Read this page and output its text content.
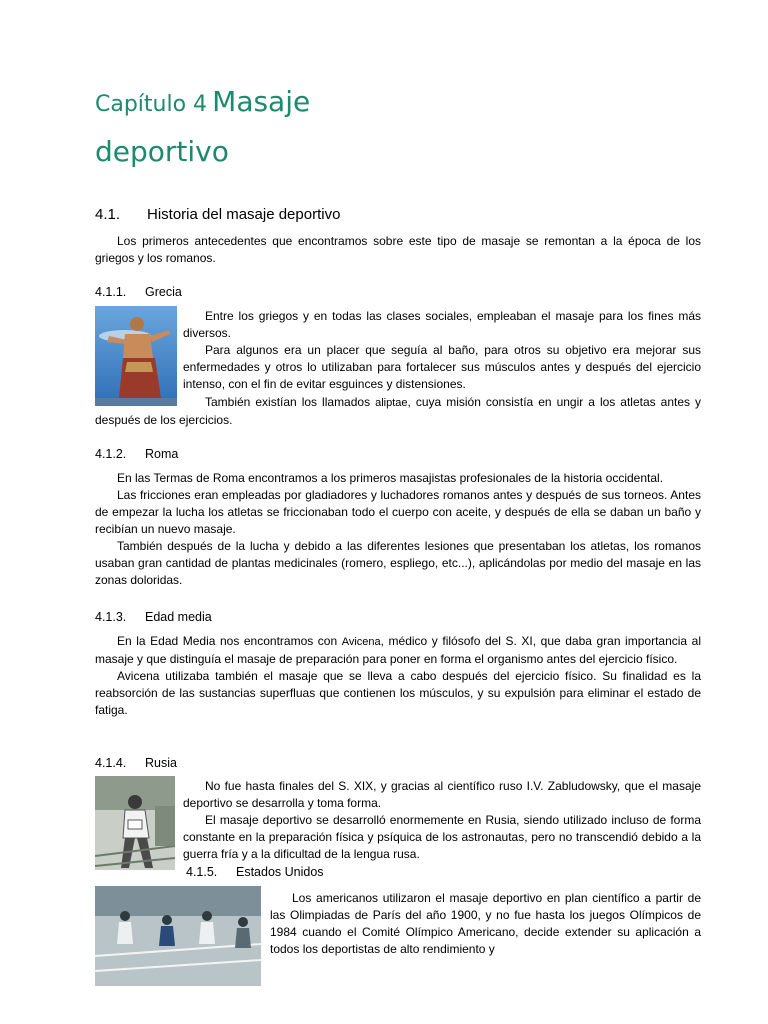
Capítulo 4 Masaje
deportivo
4.1. Historia del masaje deportivo

Los primeros antecedentes que encontramos sobre este tipo de masaje se remontan a la época de los griegos y los romanos.

4.1.1. Grecia

Entre los griegos y en todas las clases sociales, empleaban el masaje para los fines más diversos.

Para algunos era un placer que seguía al baño, para otros su objetivo era mejorar sus enfermedades y otros lo utilizaban para fortalecer sus músculos antes y después del ejercicio intenso, con el fin de evitar esguinces y distensiones.

También existían los llamados aliptae, cuya misión consistía en ungir a los atletas antes y después de los ejercicios.

4.1.2. Roma

En las Termas de Roma encontramos a los primeros masajistas profesionales de la historia occidental.

Las fricciones eran empleadas por gladiadores y luchadores romanos antes y después de sus torneos. Antes de empezar la lucha los atletas se friccionaban todo el cuerpo con aceite, y después de ella se daban un baño y recibían un nuevo masaje.

También después de la lucha y debido a las diferentes lesiones que presentaban los atletas, los romanos usaban gran cantidad de plantas medicinales (romero, espliego, etc...), aplicándolas por medio del masaje en las zonas doloridas.

4.1.3. Edad media

En la Edad Media nos encontramos con Avicena, médico y filósofo del S. XI, que daba gran importancia al masaje y que distinguía el masaje de preparación para poner en forma el organismo antes del ejercicio físico.

Avicena utilizaba también el masaje que se lleva a cabo después del ejercicio físico. Su finalidad es la reabsorción de las sustancias superfluas que contienen los músculos, y su expulsión para eliminar el estado de fatiga.

4.1.4. Rusia

No fue hasta finales del S. XIX, y gracias al científico ruso I.V. Zabludowsky, que el masaje deportivo se desarrolla y toma forma.

El masaje deportivo se desarrolló enormemente en Rusia, siendo utilizado incluso de forma constante en la preparación física y psíquica de los astronautas, pero no transcendió debido a la guerra fría y a la dificultad de la lengua rusa.

4.1.5. Estados Unidos

Los americanos utilizaron el masaje deportivo en plan científico a partir de las Olimpiadas de París del año 1900, y no fue hasta los juegos Olímpicos de 1984 cuando el Comité Olímpico Americano, decide extender su aplicación a todos los deportistas de alto rendimiento y
